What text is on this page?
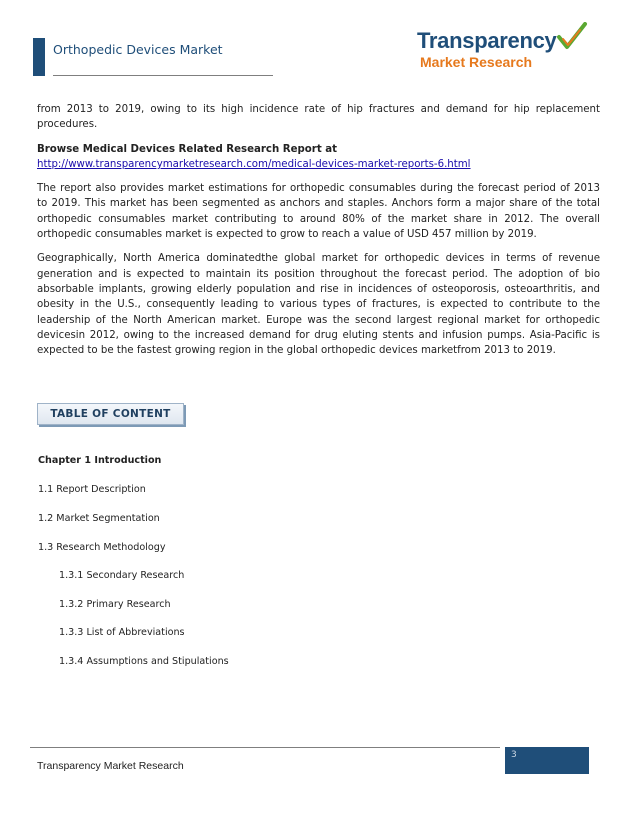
Orthopedic Devices Market	Transparency
Market Research

from 2013 to 2019, owing to its high incidence rate of hip fractures and demand for hip replacement procedures.

Browse Medical Devices Related Research Report at

http://www.transparencymarketresearch.com/medical-devices-market-reports-6.html

The report also provides market estimations for orthopedic consumables during the forecast period of 2013 to 2019. This market has been segmented as anchors and staples. Anchors form a major share of the total orthopedic consumables market contributing to around 80% of the market share in 2012. The overall orthopedic consumables market is expected to grow to reach a value of USD 457 million by 2019.

Geographically, North America dominatedthe global market for orthopedic devices in terms of revenue generation and is expected to maintain its position throughout the forecast period. The adoption of bio absorbable implants, growing elderly population and rise in incidences of osteoporosis, osteoarthritis, and obesity in the U.S., consequently leading to various types of fractures, is expected to contribute to the leadership of the North American market. Europe was the second largest regional market for orthopedic devicesin 2012, owing to the increased demand for drug eluting stents and infusion pumps. Asia-Pacific is expected to be the fastest growing region in the global orthopedic devices marketfrom 2013 to 2019.

TABLE OF CONTENT
Chapter 1 Introduction
1.1 Report Description
1.2 Market Segmentation
1.3 Research Methodology
1.3.1 Secondary Research
1.3.2 Primary Research
1.3.3 List of Abbreviations
1.3.4 Assumptions and Stipulations
3
Transparency Market Research
